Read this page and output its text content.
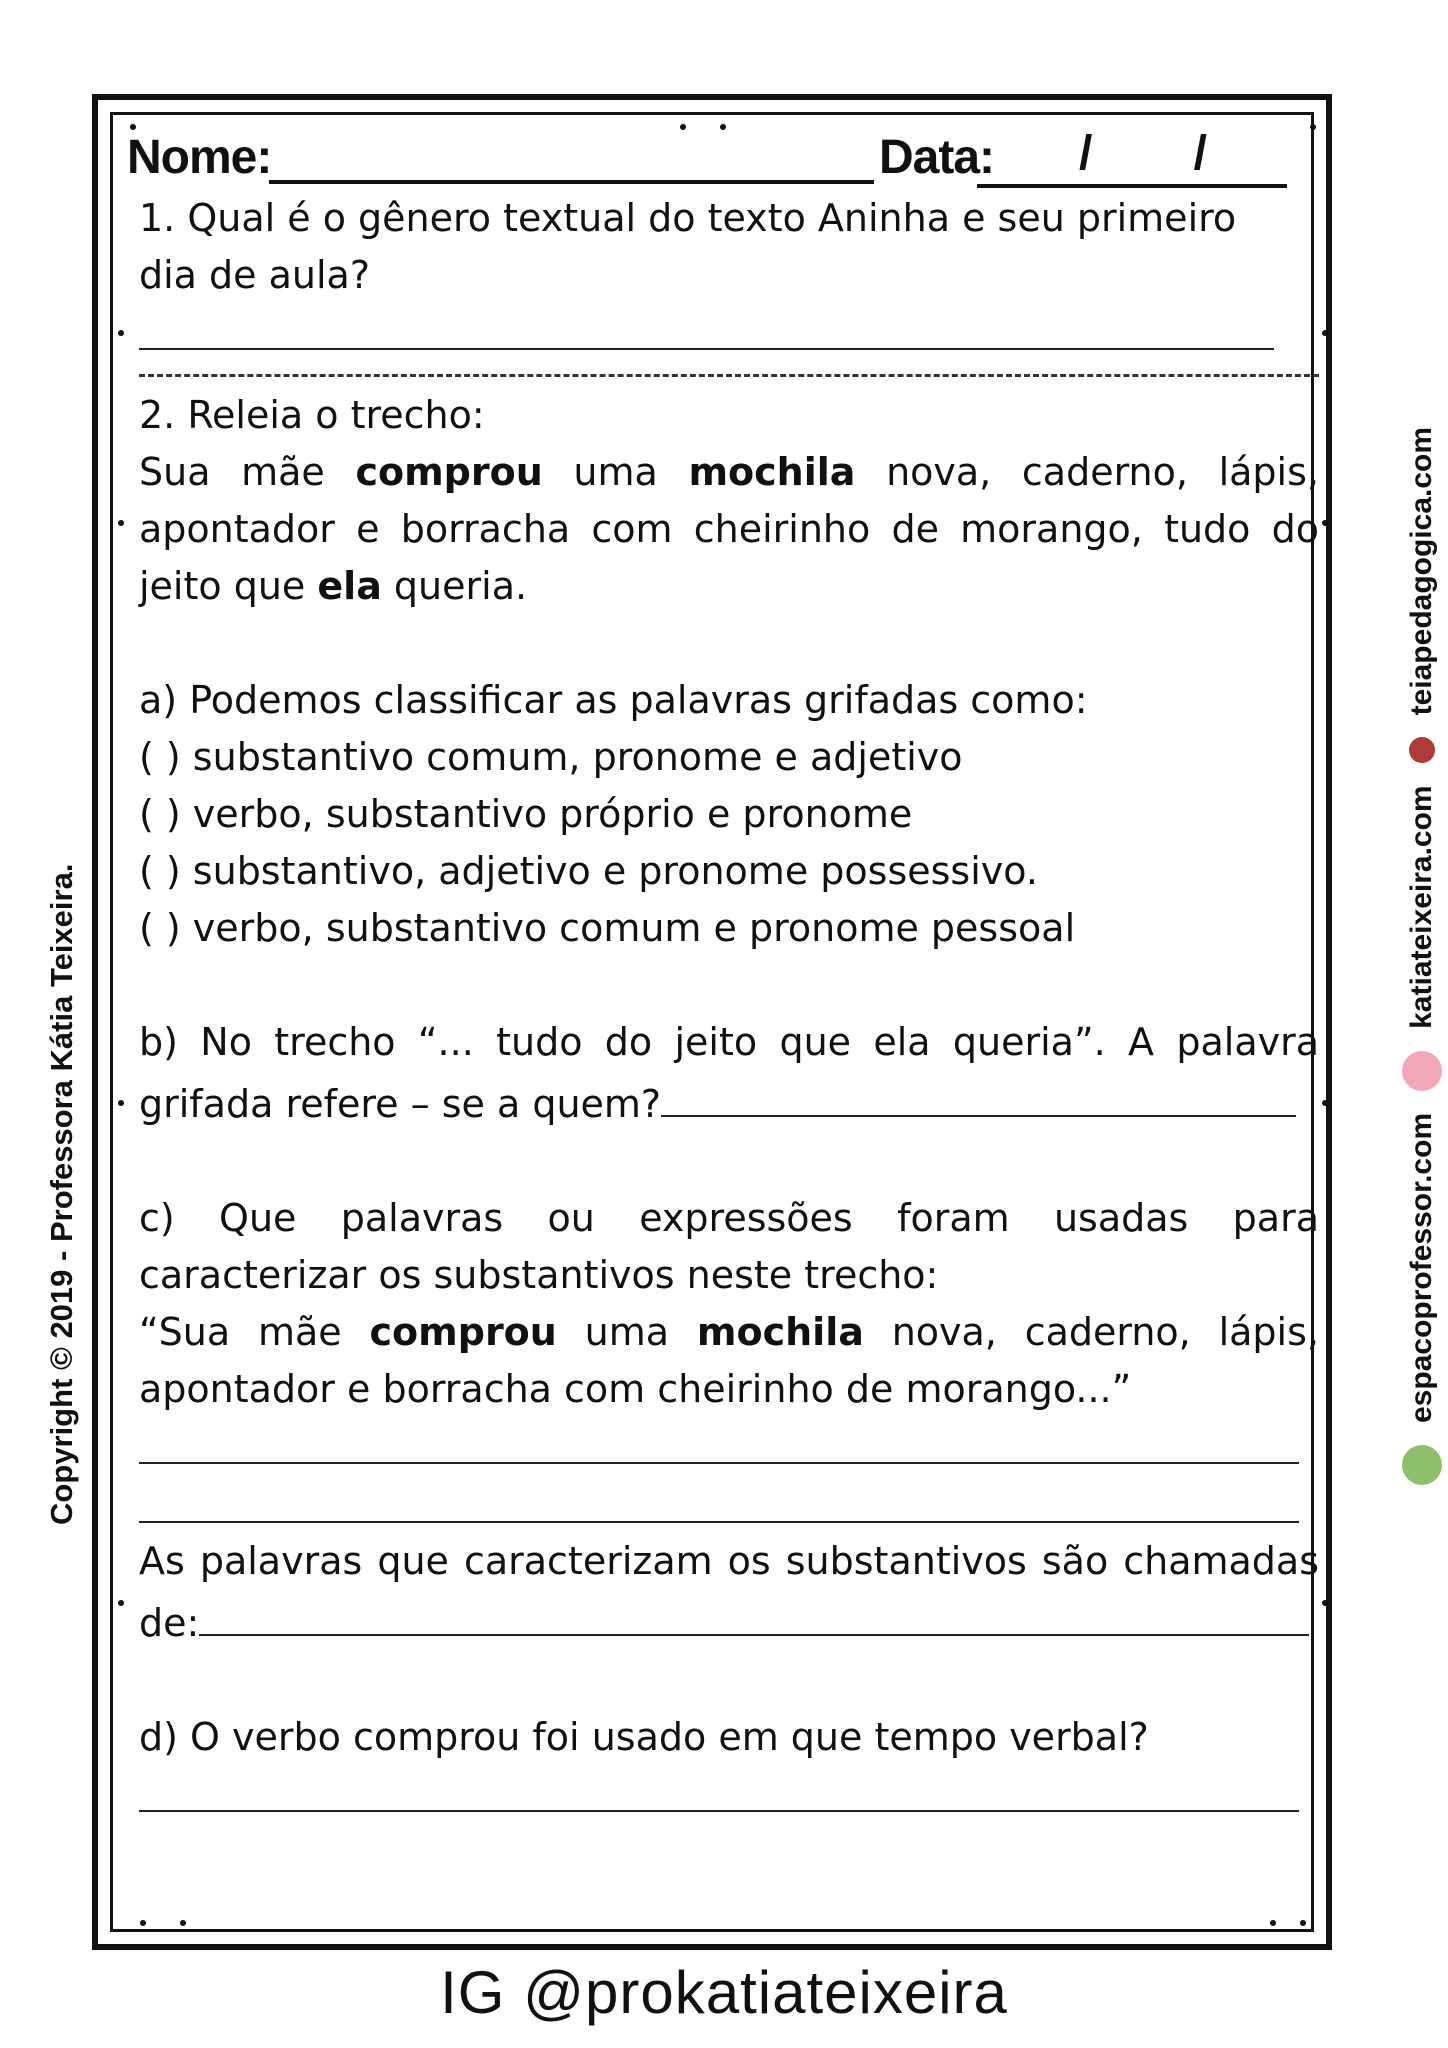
Nome:	Data: / /

1. Qual é o gênero textual do texto Aninha e seu primeiro dia de aula?

2. Releia o trecho:

Sua mãe comprou uma mochila nova, caderno, lápis, apontador e borracha com cheirinho de morango, tudo do jeito que ela queria.

a) Podemos classificar as palavras grifadas como:

( ) substantivo comum, pronome e adjetivo

( ) verbo, substantivo próprio e pronome

( ) substantivo, adjetivo e pronome possessivo.

( ) verbo, substantivo comum e pronome pessoal

b) No trecho “... tudo do jeito que ela queria”. A palavra

grifada refere – se a quem?

c) Que palavras ou expressões foram usadas para

caracterizar os substantivos neste trecho:

“Sua mãe comprou uma mochila nova, caderno, lápis,

apontador e borracha com cheirinho de morango...”

As palavras que caracterizam os substantivos são chamadas

de:

d) O verbo comprou foi usado em que tempo verbal?

Copyright © 2019 - Professora Kátia Teixeira.	espacoprofessor.com
katiateixeira.com
teiapedagogica.com
IG @prokatiateixeira
